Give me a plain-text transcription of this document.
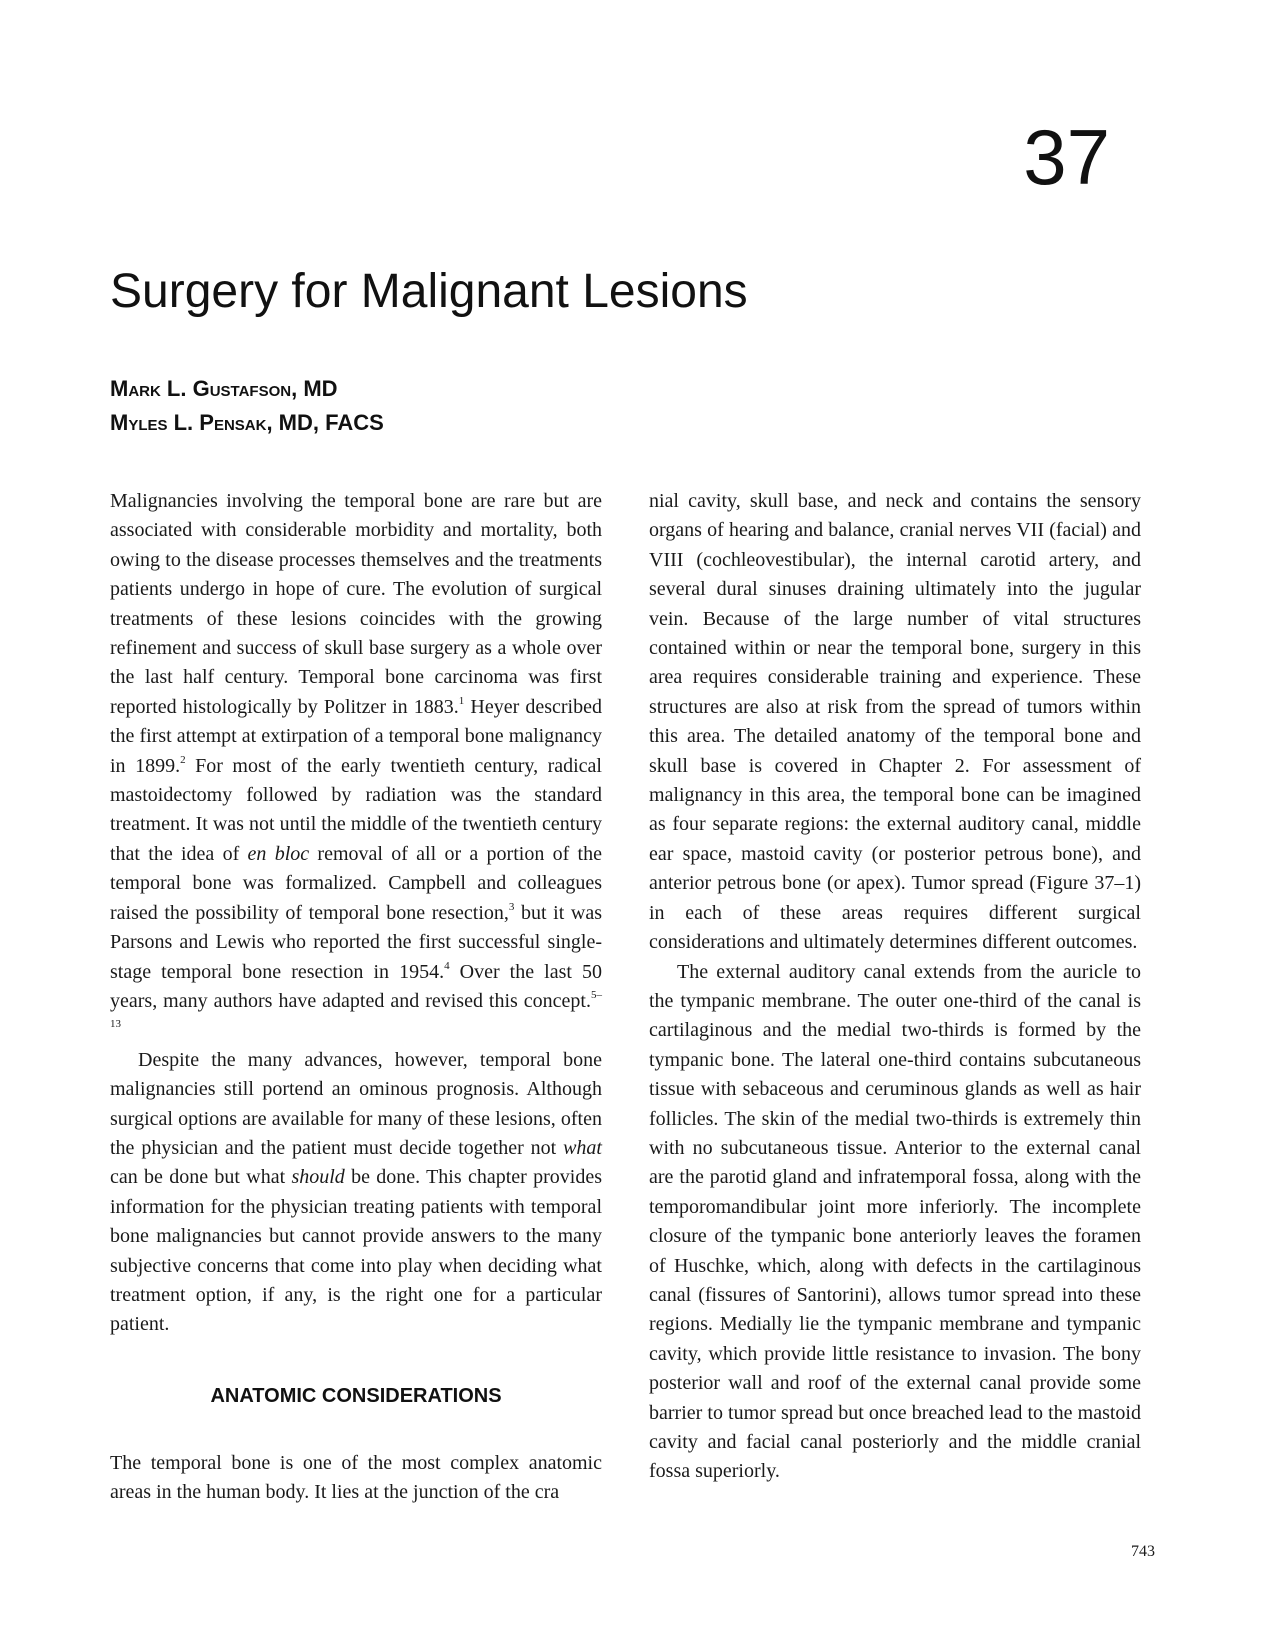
37
Surgery for Malignant Lesions
Mark L. Gustafson, MD
Myles L. Pensak, MD, FACS

Malignancies involving the temporal bone are rare but are associated with considerable morbidity and mortality, both owing to the disease processes themselves and the treatments patients undergo in hope of cure. The evolution of surgical treatments of these lesions coincides with the growing refinement and success of skull base surgery as a whole over the last half century. Temporal bone carcinoma was first reported histologically by Politzer in 1883.$^1$ Heyer described the first attempt at extirpation of a temporal bone malignancy in 1899.$^2$ For most of the early twentieth century, radical mastoidectomy followed by radiation was the standard treatment. It was not until the middle of the twentieth century that the idea of en bloc removal of all or a portion of the temporal bone was formalized. Campbell and colleagues raised the possibility of temporal bone resection,$^3$ but it was Parsons and Lewis who reported the first successful single-stage temporal bone resection in 1954.$^4$ Over the last 50 years, many authors have adapted and revised this concept.$^{5-13}$

Despite the many advances, however, temporal bone malignancies still portend an ominous prognosis. Although surgical options are available for many of these lesions, often the physician and the patient must decide together not what can be done but what should be done. This chapter provides information for the physician treating patients with temporal bone malignancies but cannot provide answers to the many subjective concerns that come into play when deciding what treatment option, if any, is the right one for a particular patient.

ANATOMIC CONSIDERATIONS

The temporal bone is one of the most complex anatomic areas in the human body. It lies at the junction of the cra

nial cavity, skull base, and neck and contains the sensory organs of hearing and balance, cranial nerves VII (facial) and VIII (cochleovestibular), the internal carotid artery, and several dural sinuses draining ultimately into the jugular vein. Because of the large number of vital structures contained within or near the temporal bone, surgery in this area requires considerable training and experience. These structures are also at risk from the spread of tumors within this area. The detailed anatomy of the temporal bone and skull base is covered in Chapter 2. For assessment of malignancy in this area, the temporal bone can be imagined as four separate regions: the external auditory canal, middle ear space, mastoid cavity (or posterior petrous bone), and anterior petrous bone (or apex). Tumor spread (Figure 37–1) in each of these areas requires different surgical considerations and ultimately determines different outcomes.

The external auditory canal extends from the auricle to the tympanic membrane. The outer one-third of the canal is cartilaginous and the medial two-thirds is formed by the tympanic bone. The lateral one-third contains subcutaneous tissue with sebaceous and ceruminous glands as well as hair follicles. The skin of the medial two-thirds is extremely thin with no subcutaneous tissue. Anterior to the external canal are the parotid gland and infratemporal fossa, along with the temporomandibular joint more inferiorly. The incomplete closure of the tympanic bone anteriorly leaves the foramen of Huschke, which, along with defects in the cartilaginous canal (fissures of Santorini), allows tumor spread into these regions. Medially lie the tympanic membrane and tympanic cavity, which provide little resistance to invasion. The bony posterior wall and roof of the external canal provide some barrier to tumor spread but once breached lead to the mastoid cavity and facial canal posteriorly and the middle cranial fossa superiorly.

743
